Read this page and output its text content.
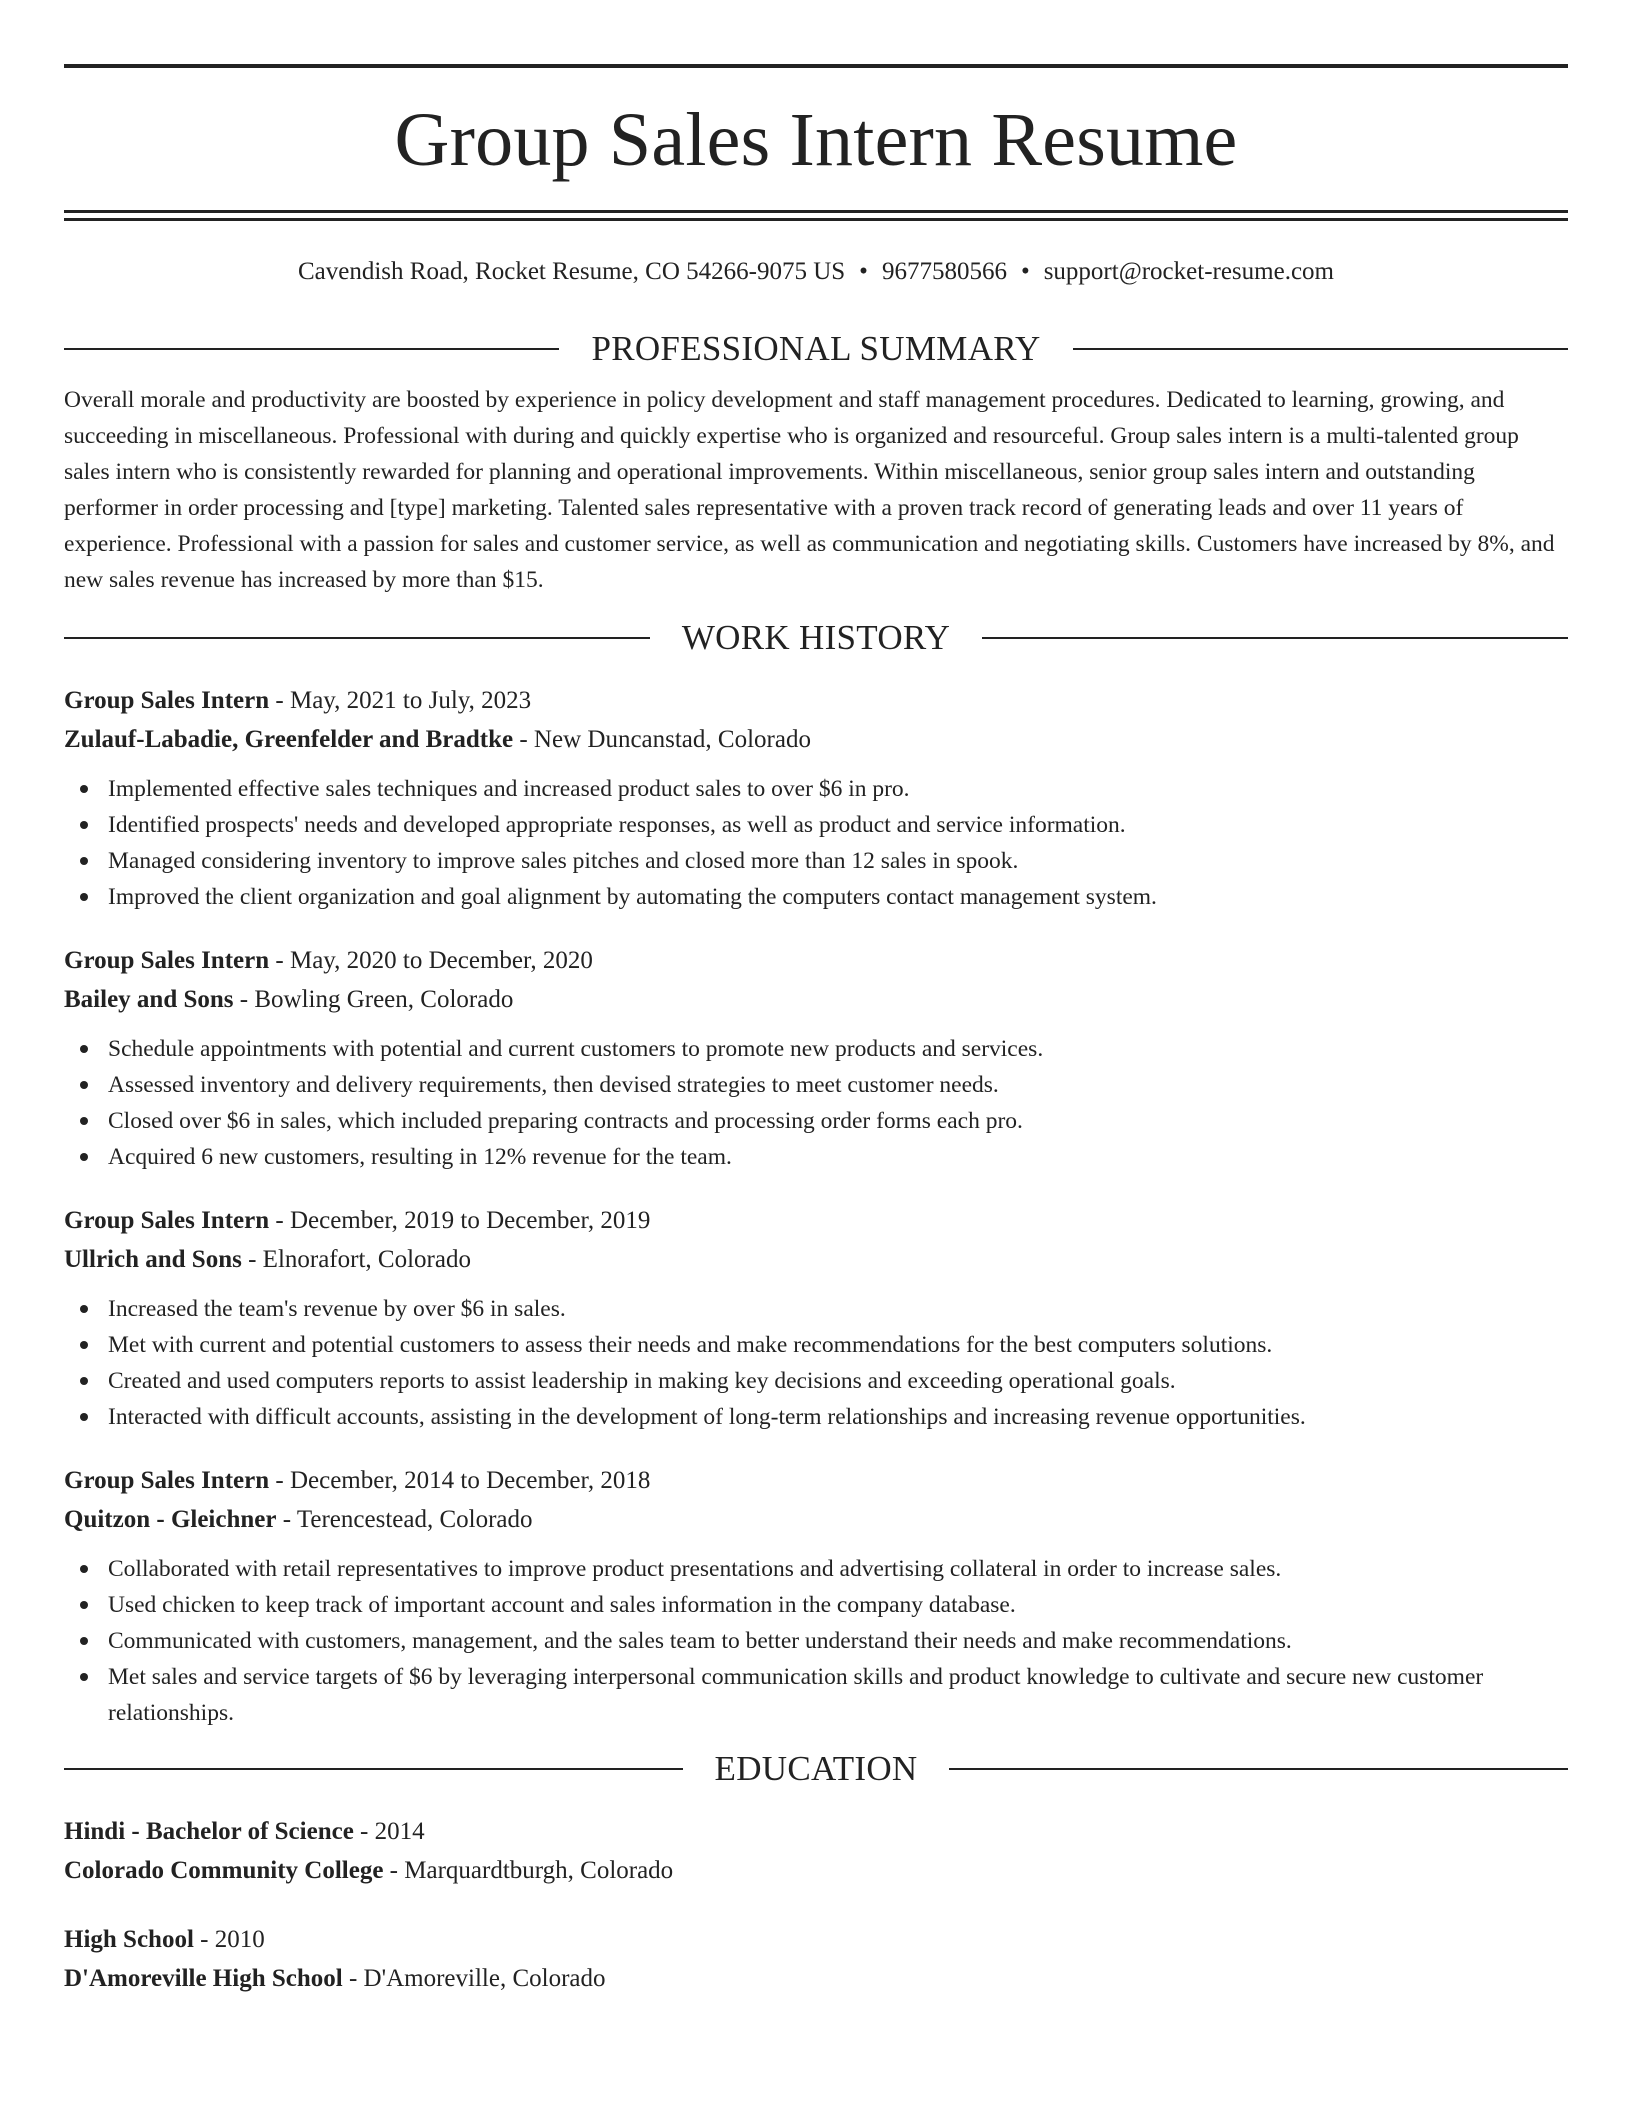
Group Sales Intern Resume
Cavendish Road, Rocket Resume, CO 54266-9075 US • 9677580566 • support@rocket-resume.com
PROFESSIONAL SUMMARY

Overall morale and productivity are boosted by experience in policy development and staff management procedures. Dedicated to learning, growing, and succeeding in miscellaneous. Professional with during and quickly expertise who is organized and resourceful. Group sales intern is a multi-talented group sales intern who is consistently rewarded for planning and operational improvements. Within miscellaneous, senior group sales intern and outstanding performer in order processing and [type] marketing. Talented sales representative with a proven track record of generating leads and over 11 years of experience. Professional with a passion for sales and customer service, as well as communication and negotiating skills. Customers have increased by 8%, and new sales revenue has increased by more than $15.

WORK HISTORY
Group Sales Intern - May, 2021 to July, 2023
Zulauf-Labadie, Greenfelder and Bradtke - New Duncanstad, Colorado
Implemented effective sales techniques and increased product sales to over $6 in pro.
Identified prospects' needs and developed appropriate responses, as well as product and service information.
Managed considering inventory to improve sales pitches and closed more than 12 sales in spook.
Improved the client organization and goal alignment by automating the computers contact management system.
Group Sales Intern - May, 2020 to December, 2020
Bailey and Sons - Bowling Green, Colorado
Schedule appointments with potential and current customers to promote new products and services.
Assessed inventory and delivery requirements, then devised strategies to meet customer needs.
Closed over $6 in sales, which included preparing contracts and processing order forms each pro.
Acquired 6 new customers, resulting in 12% revenue for the team.
Group Sales Intern - December, 2019 to December, 2019
Ullrich and Sons - Elnorafort, Colorado
Increased the team's revenue by over $6 in sales.
Met with current and potential customers to assess their needs and make recommendations for the best computers solutions.
Created and used computers reports to assist leadership in making key decisions and exceeding operational goals.
Interacted with difficult accounts, assisting in the development of long-term relationships and increasing revenue opportunities.
Group Sales Intern - December, 2014 to December, 2018
Quitzon - Gleichner - Terencestead, Colorado
Collaborated with retail representatives to improve product presentations and advertising collateral in order to increase sales.
Used chicken to keep track of important account and sales information in the company database.
Communicated with customers, management, and the sales team to better understand their needs and make recommendations.
Met sales and service targets of $6 by leveraging interpersonal communication skills and product knowledge to cultivate and secure new customer relationships.
EDUCATION
Hindi - Bachelor of Science - 2014
Colorado Community College - Marquardtburgh, Colorado
High School - 2010
D'Amoreville High School - D'Amoreville, Colorado
